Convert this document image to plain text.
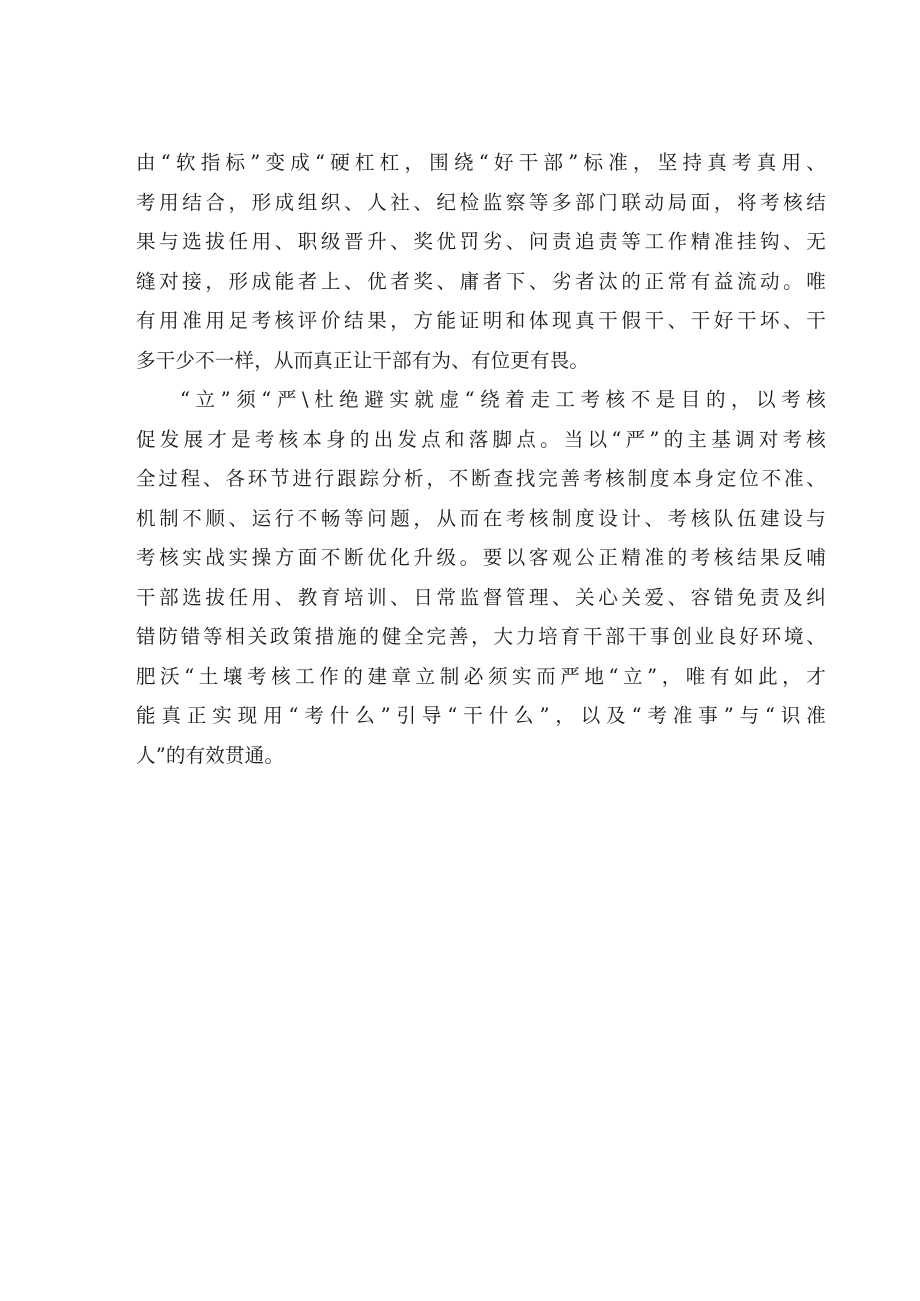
由“软指标”变成“硬杠杠，围绕“好干部”标准，坚持真考真用、
考用结合，形成组织、人社、纪检监察等多部门联动局面，将考核结
果与选拔任用、职级晋升、奖优罚劣、问责追责等工作精准挂钩、无
缝对接，形成能者上、优者奖、庸者下、劣者汰的正常有益流动。唯
有用准用足考核评价结果，方能证明和体现真干假干、干好干坏、干
多干少不一样，从而真正让干部有为、有位更有畏。
“立”须“严\杜绝避实就虚“绕着走工考核不是目的，以考核
促发展才是考核本身的出发点和落脚点。当以“严”的主基调对考核
全过程、各环节进行跟踪分析，不断查找完善考核制度本身定位不准、
机制不顺、运行不畅等问题，从而在考核制度设计、考核队伍建设与
考核实战实操方面不断优化升级。要以客观公正精准的考核结果反哺
干部选拔任用、教育培训、日常监督管理、关心关爱、容错免责及纠
错防错等相关政策措施的健全完善，大力培育干部干事创业良好环境、
肥沃“土壤考核工作的建章立制必须实而严地“立”，唯有如此，才
能真正实现用“考什么”引导“干什么”，以及“考准事”与“识准
人”的有效贯通。
